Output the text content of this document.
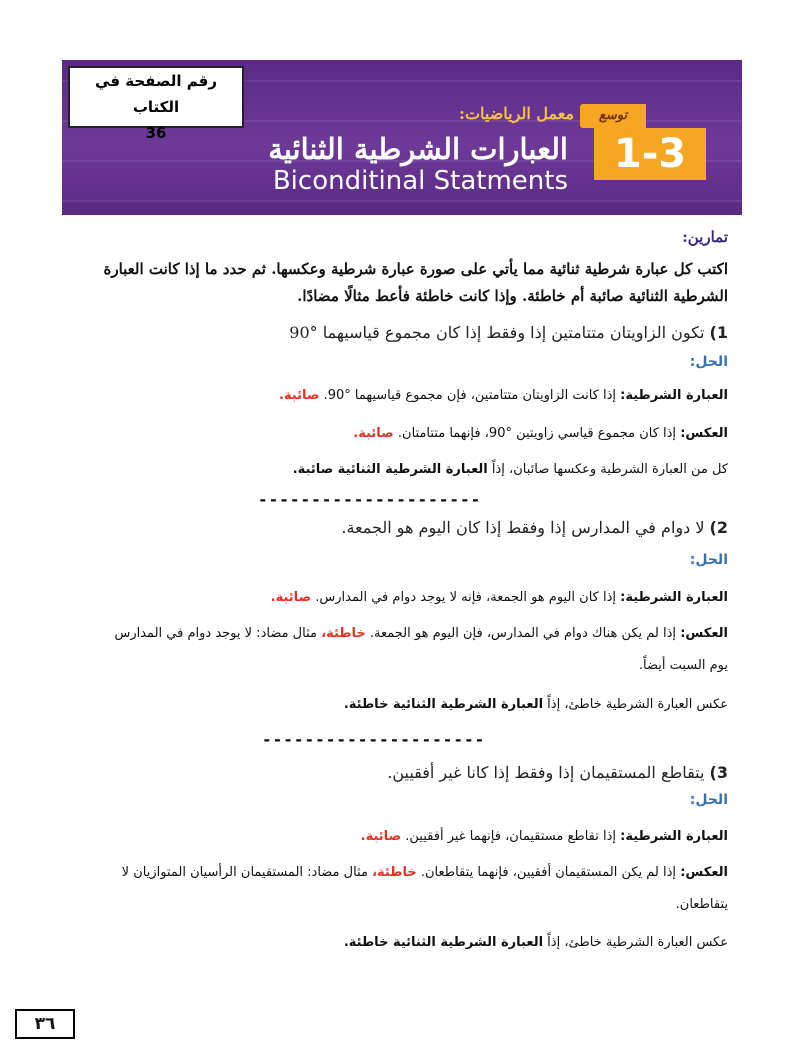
رقم الصفحة في الكتاب
36
توسع
1-3
معمل الرياضيات:
العبارات الشرطية الثنائية
Biconditinal Statments
تمارين:
اكتب كل عبارة شرطية ثنائية مما يأتي على صورة عبارة شرطية وعكسها. ثم حدد ما إذا كانت العبارة
الشرطية الثنائية صائبة أم خاطئة. وإذا كانت خاطئة فأعط مثالًا مضادًا.
1) تكون الزاويتان متتامتين إذا وفقط إذا كان مجموع قياسيهما °90
الحل:
العبارة الشرطية: إذا كانت الزاويتان متتامتين، فإن مجموع قياسيهما °90. صائبة.
العكس: إذا كان مجموع قياسي زاويتين °90، فإنهما متتامتان. صائبة.
كل من العبارة الشرطية وعكسها صائبان، إذاً العبارة الشرطية الثنائية صائبة.
---------------------
2) لا دوام في المدارس إذا وفقط إذا كان اليوم هو الجمعة.
الحل:
العبارة الشرطية: إذا كان اليوم هو الجمعة، فإنه لا يوجد دوام في المدارس. صائبة.
العكس: إذا لم يكن هناك دوام في المدارس، فإن اليوم هو الجمعة. خاطئة، مثال مضاد: لا يوجد دوام في المدارس
يوم السبت أيضاً.
عكس العبارة الشرطية خاطئ، إذاً العبارة الشرطية الثنائية خاطئة.
---------------------
3) يتقاطع المستقيمان إذا وفقط إذا كانا غير أفقيين.
الحل:
العبارة الشرطية: إذا تقاطع مستقيمان، فإنهما غير أفقيين. صائبة.
العكس: إذا لم يكن المستقيمان أفقيين، فإنهما يتقاطعان. خاطئة، مثال مضاد: المستقيمان الرأسيان المتوازيان لا
يتقاطعان.
عكس العبارة الشرطية خاطئ، إذاً العبارة الشرطية الثنائية خاطئة.
٣٦
